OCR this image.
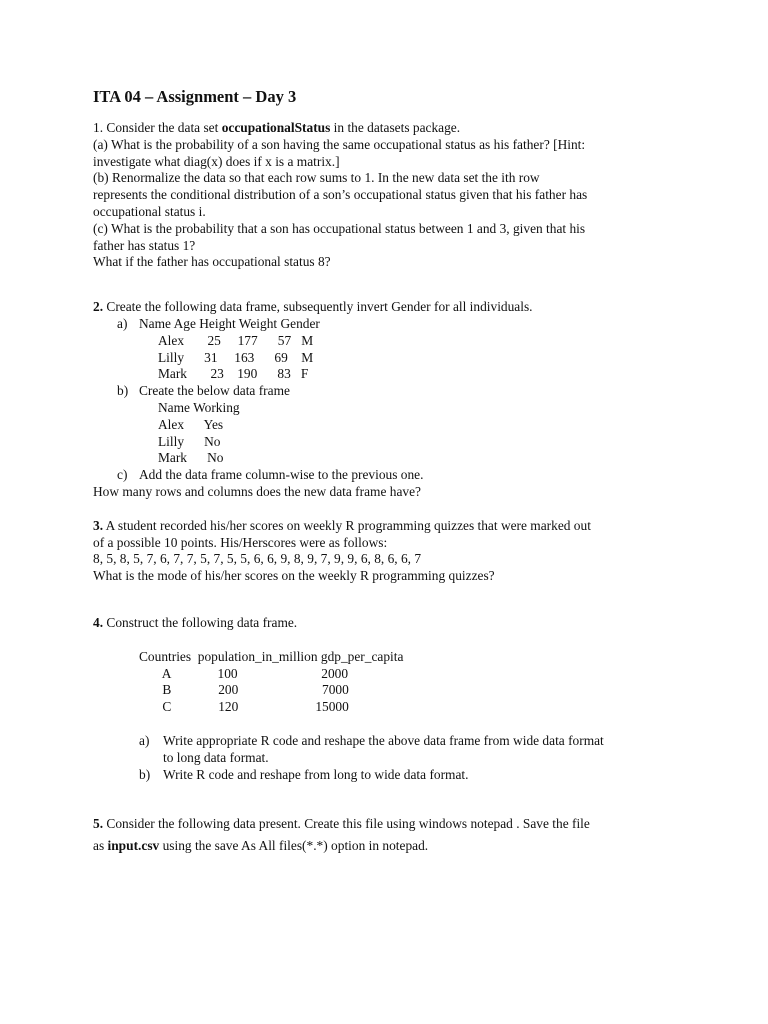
ITA 04 – Assignment – Day 3
1. Consider the data set occupationalStatus in the datasets package.
(a) What is the probability of a son having the same occupational status as his father? [Hint:
investigate what diag(x) does if x is a matrix.]
(b) Renormalize the data so that each row sums to 1. In the new data set the ith row
represents the conditional distribution of a son’s occupational status given that his father has
occupational status i.
(c) What is the probability that a son has occupational status between 1 and 3, given that his
father has status 1?
What if the father has occupational status 8?
2. Create the following data frame, subsequently invert Gender for all individuals.
a) Name Age Height Weight Gender
Alex       25     177      57   M
Lilly      31     163      69    M
Mark       23    190      83   F
b) Create the below data frame
Name Working
Alex      Yes
Lilly      No
Mark      No
c) Add the data frame column-wise to the previous one.
How many rows and columns does the new data frame have?
3. A student recorded his/her scores on weekly R programming quizzes that were marked out
of a possible 10 points. His/Herscores were as follows:
8, 5, 8, 5, 7, 6, 7, 7, 5, 7, 5, 5, 6, 6, 9, 8, 9, 7, 9, 9, 6, 8, 6, 6, 7
What is the mode of his/her scores on the weekly R programming quizzes?
4. Construct the following data frame.
Countries  population_in_million gdp_per_capita
A              100                         2000
B              200                         7000
C              120                       15000
a)	Write appropriate R code and reshape the above data frame from wide data format
to long data format.
b) Write R code and reshape from long to wide data format.
5. Consider the following data present. Create this file using windows notepad . Save the file
as input.csv using the save As All files(*.*) option in notepad.
